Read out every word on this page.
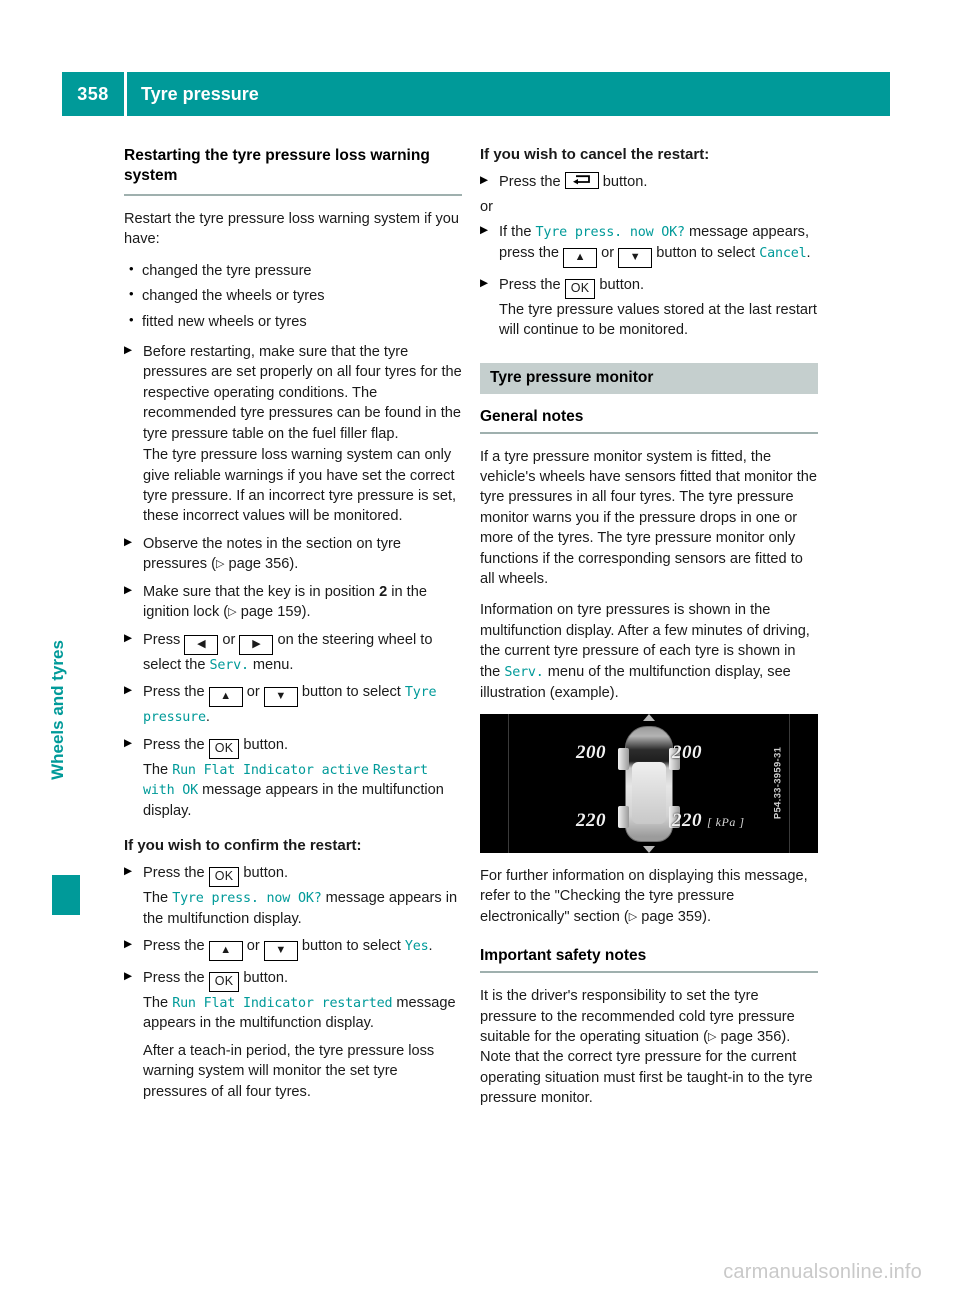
358	Tyre pressure
Wheels and tyres
Restarting the tyre pressure loss warning system

Restart the tyre pressure loss warning system if you have:

• changed the tyre pressure
• changed the wheels or tyres
• fitted new wheels or tyres
▶ Before restarting, make sure that the tyre pressures are set properly on all four tyres for the respective operating conditions. The recommended tyre pressures can be found in the tyre pressure table on the fuel filler flap.
The tyre pressure loss warning system can only give reliable warnings if you have set the correct tyre pressure. If an incorrect tyre pressure is set, these incorrect values will be monitored.
▶ Observe the notes in the section on tyre pressures (▷ page 356).
▶ Make sure that the key is in position 2 in the ignition lock (▷ page 159).
▶ Press ◀ or ▶ on the steering wheel to select the Serv. menu.
▶ Press the ▲ or ▼ button to select Tyre pressure.
▶ Press the OK button.
The Run Flat Indicator active Restart with OK message appears in the multifunction display.
If you wish to confirm the restart:
▶ Press the OK button.
The Tyre press. now OK? message appears in the multifunction display.
▶ Press the ▲ or ▼ button to select Yes.
▶ Press the OK button.
The Run Flat Indicator restarted message appears in the multifunction display.
After a teach-in period, the tyre pressure loss warning system will monitor the set tyre pressures of all four tyres.
If you wish to cancel the restart:
▶ Press the
button.

or

▶ If the Tyre press. now OK? message appears, press the ▲ or ▼ button to select Cancel.
▶ Press the OK button.
The tyre pressure values stored at the last restart will continue to be monitored.
Tyre pressure monitor
General notes

If a tyre pressure monitor system is fitted, the vehicle's wheels have sensors fitted that monitor the tyre pressures in all four tyres. The tyre pressure monitor warns you if the pressure drops in one or more of the tyres. The tyre pressure monitor only functions if the corresponding sensors are fitted to all wheels.

Information on tyre pressures is shown in the multifunction display. After a few minutes of driving, the current tyre pressure of each tyre is shown in the Serv. menu of the multifunction display, see illustration (example).

200	200
220	220 [ kPa ]
P54.33-3959-31

For further information on displaying this message, refer to the "Checking the tyre pressure electronically" section (▷ page 359).

Important safety notes

It is the driver's responsibility to set the tyre pressure to the recommended cold tyre pressure suitable for the operating situation (▷ page 356). Note that the correct tyre pressure for the current operating situation must first be taught-in to the tyre pressure monitor.

carmanualsonline.info
